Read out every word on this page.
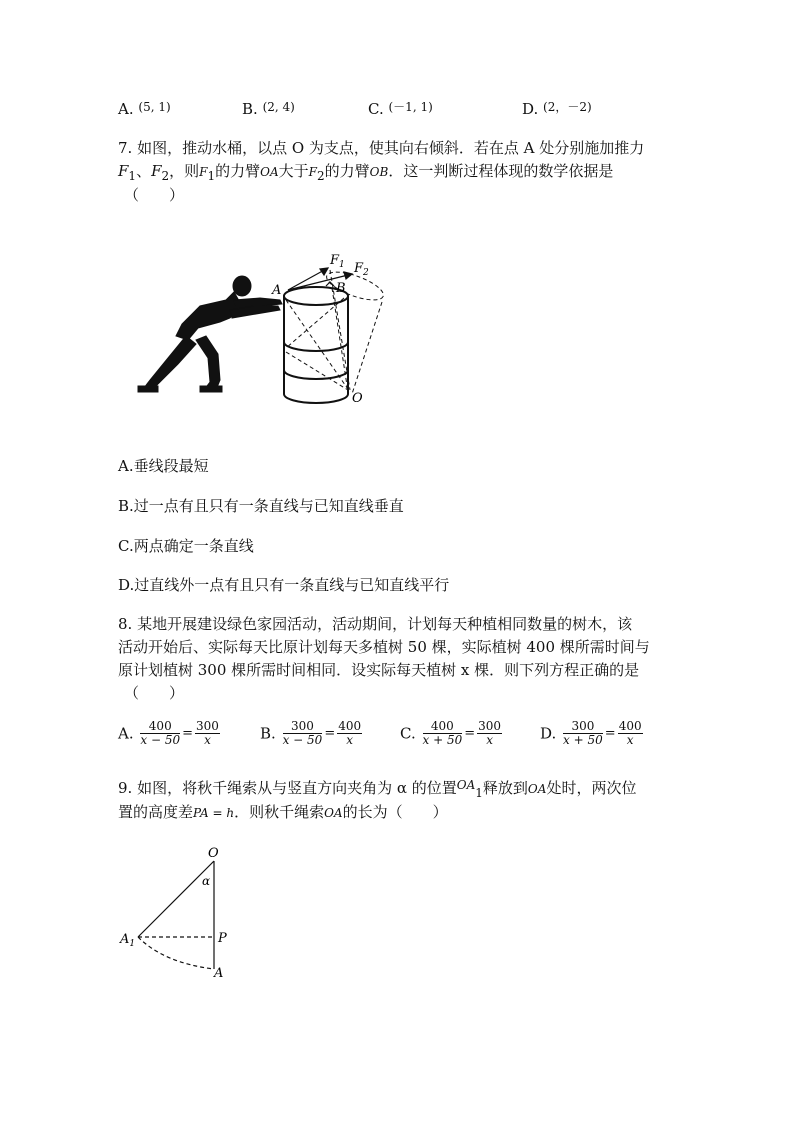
A. $^{(5, 1)}$	B. $^{(2, 4)}$	C. $^{(-1, 1)}$	D. $^{(2,-2)}$
7. 如图，推动水桶，以点 O 为支点，使其向右倾斜．若在点 A 处分别施加推力
$F_1$、$F_2$，则$F_1$的力臂OA大于$F_2$的力臂OB．这一判断过程体现的数学依据是
（　　）
A	B
O
$F_1$ $F_2$
A.垂线段最短
B.过一点有且只有一条直线与已知直线垂直
C.两点确定一条直线
D.过直线外一点有且只有一条直线与已知直线平行
8. 某地开展建设绿色家园活动，活动期间，计划每天种植相同数量的树木，该
活动开始后、实际每天比原计划每天多植树 50 棵，实际植树 400 棵所需时间与
原计划植树 300 棵所需时间相同．设实际每天植树 x 棵．则下列方程正确的是
（　　）
A. $\frac{400}{x - 50} = \frac{300}{x}$	B. $\frac{300}{x - 50} = \frac{400}{x}$	C. $\frac{400}{x + 50} = \frac{300}{x}$	D. $\frac{300}{x + 50} = \frac{400}{x}$
9. 如图，将秋千绳索从与竖直方向夹角为 α 的位置$^{OA}_1$释放到OA处时，两次位
置的高度差PA = h．则秋千绳索OA的长为（　　）
O
α
$A_1$	P
A
